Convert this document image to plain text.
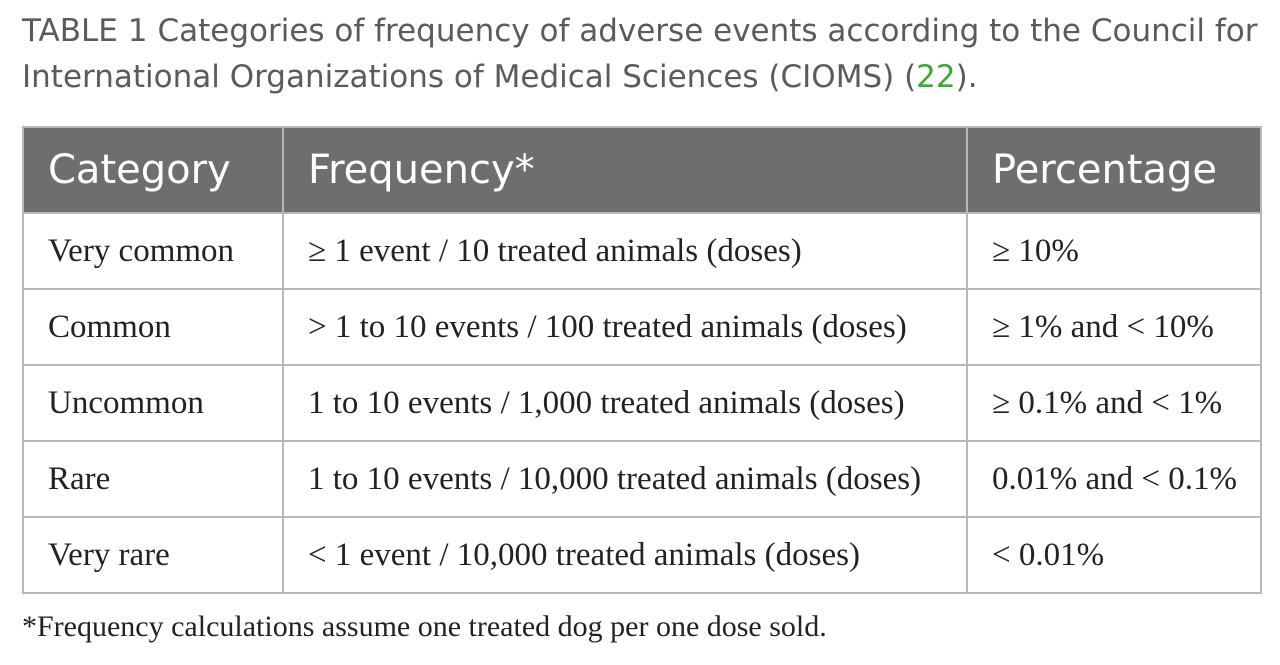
TABLE 1 Categories of frequency of adverse events according to the Council for International Organizations of Medical Sciences (CIOMS) (22).
Category	Frequency*	Percentage
Very common	≥ 1 event / 10 treated animals (doses)	≥ 10%
Common	> 1 to 10 events / 100 treated animals (doses)	≥ 1% and < 10%
Uncommon	1 to 10 events / 1,000 treated animals (doses)	≥ 0.1% and < 1%
Rare	1 to 10 events / 10,000 treated animals (doses)	0.01% and < 0.1%
Very rare	< 1 event / 10,000 treated animals (doses)	< 0.01%
*Frequency calculations assume one treated dog per one dose sold.
